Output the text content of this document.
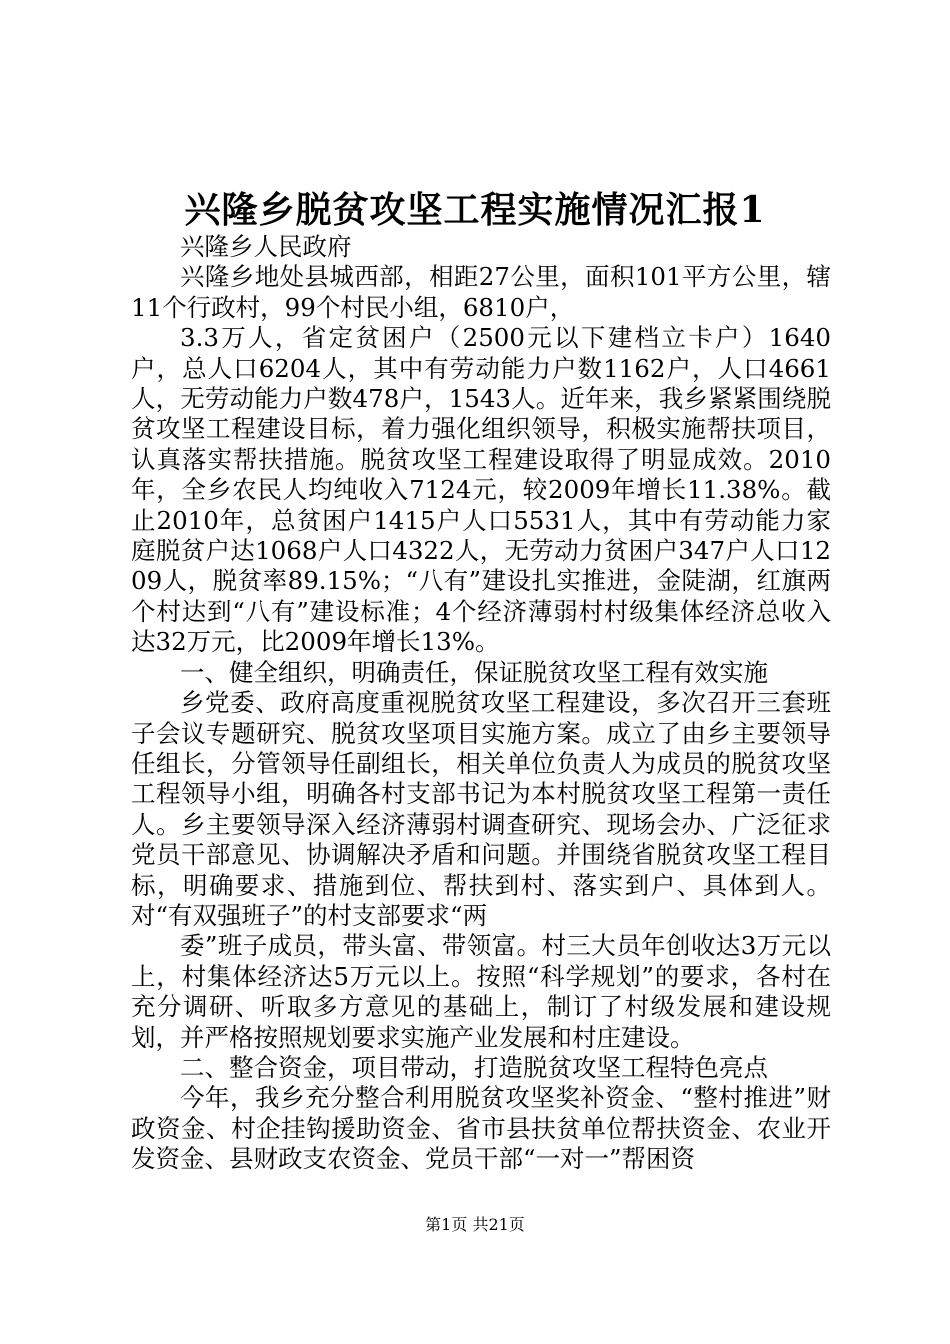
兴隆乡脱贫攻坚工程实施情况汇报1

兴隆乡人民政府

兴隆乡地处县城西部，相距27公里，面积101平方公里，辖11个行政村，99个村民小组，6810户，

3.3万人，省定贫困户（2500元以下建档立卡户）1640户，总人口6204人，其中有劳动能力户数1162户，人口4661人，无劳动能力户数478户，1543人。近年来，我乡紧紧围绕脱贫攻坚工程建设目标，着力强化组织领导，积极实施帮扶项目，认真落实帮扶措施。脱贫攻坚工程建设取得了明显成效。2010年，全乡农民人均纯收入7124元，较2009年增长11.38%。截止2010年，总贫困户1415户人口5531人，其中有劳动能力家庭脱贫户达1068户人口4322人，无劳动力贫困户347户人口1209人，脱贫率89.15%；“八有”建设扎实推进，金陡湖，红旗两个村达到“八有”建设标准；4个经济薄弱村村级集体经济总收入达32万元，比2009年增长13%。

一、健全组织，明确责任，保证脱贫攻坚工程有效实施

乡党委、政府高度重视脱贫攻坚工程建设，多次召开三套班子会议专题研究、脱贫攻坚项目实施方案。成立了由乡主要领导任组长，分管领导任副组长，相关单位负责人为成员的脱贫攻坚工程领导小组，明确各村支部书记为本村脱贫攻坚工程第一责任人。乡主要领导深入经济薄弱村调查研究、现场会办、广泛征求党员干部意见、协调解决矛盾和问题。并围绕省脱贫攻坚工程目标，明确要求、措施到位、帮扶到村、落实到户、具体到人。对“有双强班子”的村支部要求“两

委”班子成员，带头富、带领富。村三大员年创收达3万元以上，村集体经济达5万元以上。按照“科学规划”的要求，各村在充分调研、听取多方意见的基础上，制订了村级发展和建设规划，并严格按照规划要求实施产业发展和村庄建设。

二、整合资金，项目带动，打造脱贫攻坚工程特色亮点

今年，我乡充分整合利用脱贫攻坚奖补资金、“整村推进”财政资金、村企挂钩援助资金、省市县扶贫单位帮扶资金、农业开发资金、县财政支农资金、党员干部“一对一”帮困资

第1页 共21页
